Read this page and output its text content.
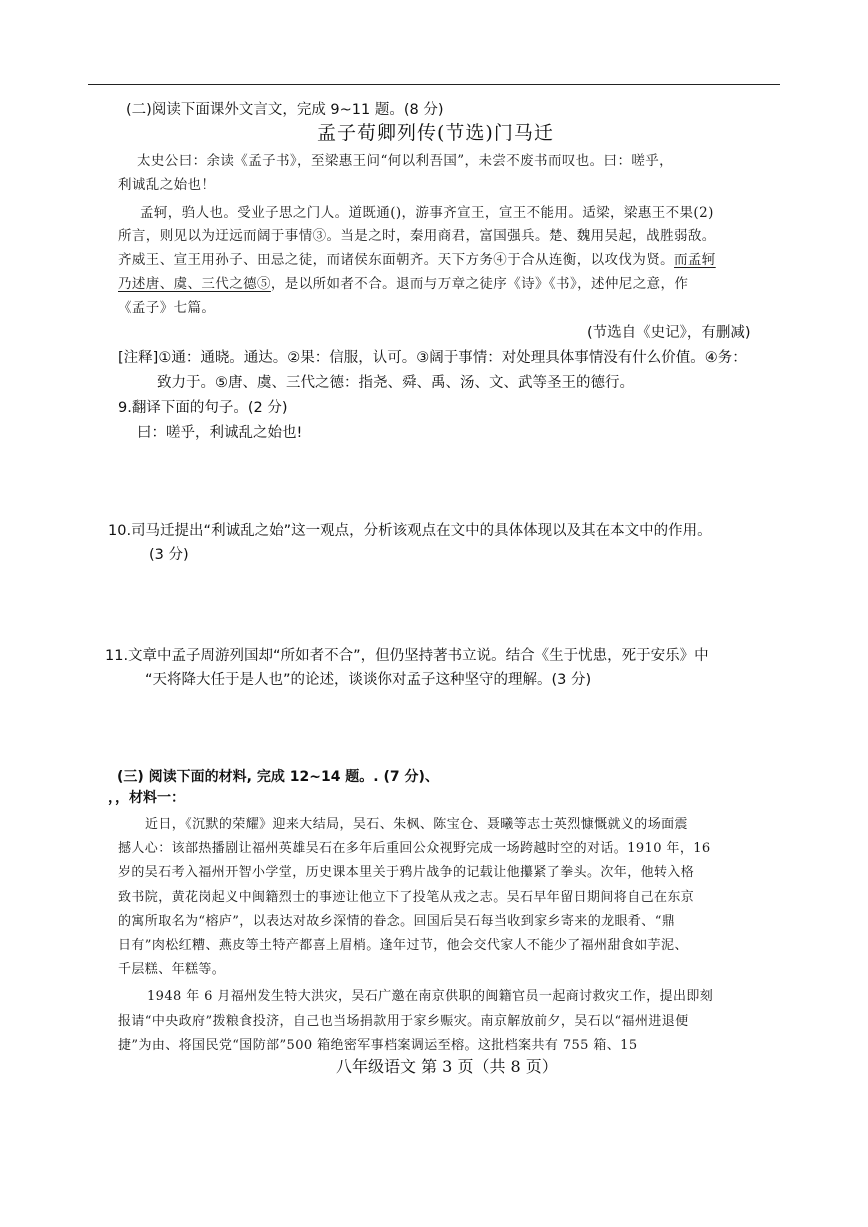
(二)阅读下面课外文言文，完成 9~11 题。(8 分)
孟子荀卿列传(节选)门马迁
太史公曰：余读《孟子书》，至梁惠王问“何以利吾国”，未尝不废书而叹也。曰：嗟乎，
利诚乱之始也！
孟轲，驺人也。受业子思之门人。道既通()，游事齐宣王，宣王不能用。适梁，梁惠王不果(2)
所言，则见以为迂远而阔于事情③。当是之时，秦用商君，富国强兵。楚、魏用吴起，战胜弱敌。
齐威王、宣王用孙子、田忌之徒，而诸侯东面朝齐。天下方务④于合从连衡，以攻伐为贤。而孟轲
乃述唐、虞、三代之德⑤，是以所如者不合。退而与万章之徒序《诗》《书》，述仲尼之意，作
《孟子》七篇。
(节选自《史记》，有删减)
[注释]①通：通晓。通达。②果：信服，认可。③阔于事情：对处理具体事情没有什么价值。④务：
致力于。⑤唐、虞、三代之德：指尧、舜、禹、汤、文、武等圣王的德行。
9.翻译下面的句子。(2 分)
曰：嗟乎，利诚乱之始也!
10.司马迁提出“利诚乱之始”这一观点，分析该观点在文中的具体体现以及其在本文中的作用。
(3 分)
11.文章中孟子周游列国却“所如者不合”，但仍坚持著书立说。结合《生于忧患，死于安乐》中
“天将降大任于是人也”的论述，谈谈你对孟子这种坚守的理解。(3 分)
(三) 阅读下面的材料, 完成 12~14 题。. (7 分)、
，，材料一：
近日，《沉默的荣耀》迎来大结局，吴石、朱枫、陈宝仓、聂曦等志士英烈慷慨就义的场面震
撼人心：该部热播剧让福州英雄吴石在多年后重回公众视野完成一场跨越时空的对话。1910 年，16
岁的吴石考入福州开智小学堂，历史课本里关于鸦片战争的记载让他攥紧了拳头。次年，他转入格
致书院，黄花岗起义中闽籍烈士的事迹让他立下了投笔从戎之志。吴石早年留日期间将自己在东京
的寓所取名为“榕庐”，以表达对故乡深情的眷念。回国后吴石每当收到家乡寄来的龙眼肴、“鼎
日有”肉松红糟、燕皮等土特产都喜上眉梢。逢年过节，他会交代家人不能少了福州甜食如芋泥、
千层糕、年糕等。
1948 年 6 月福州发生特大洪灾，吴石广邀在南京供职的闽籍官员一起商讨救灾工作，提出即刻
报请“中央政府”拨粮食投济，自己也当场捐款用于家乡赈灾。南京解放前夕，吴石以“福州进退便
捷”为由、将国民党“国防部”500 箱绝密军事档案调运至榕。这批档案共有 755 箱、15
八年级语文 第 3 页（共 8 页）
